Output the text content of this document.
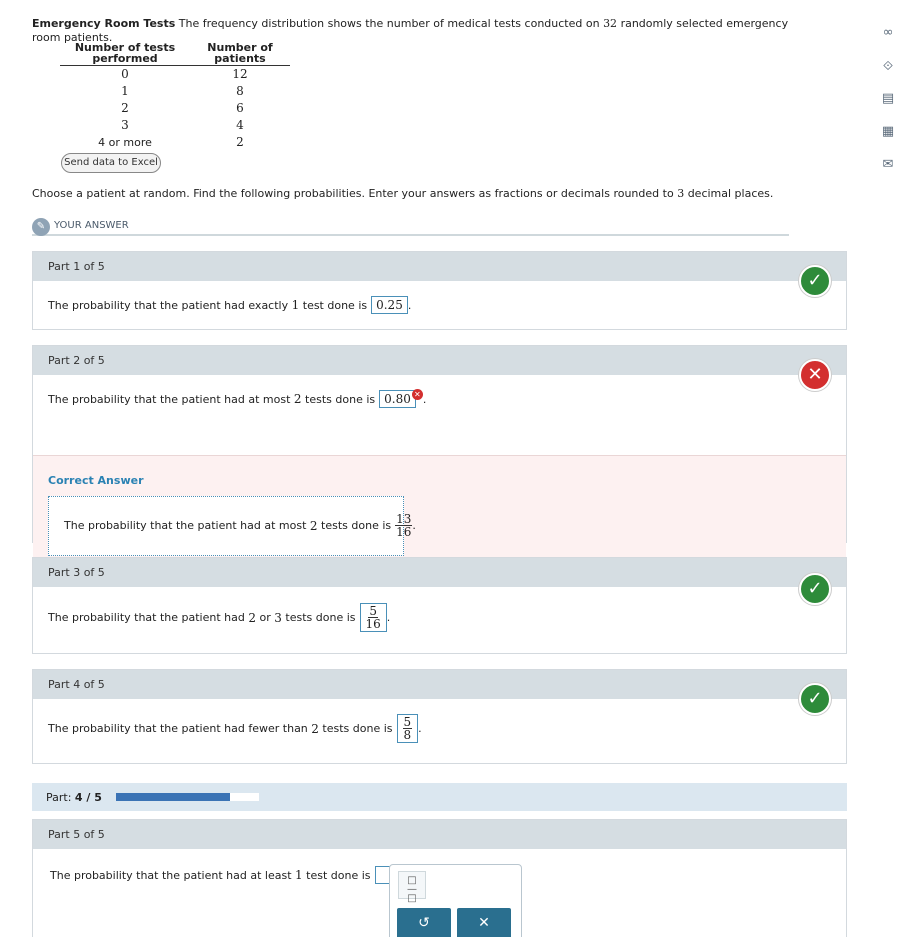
Emergency Room Tests The frequency distribution shows the number of medical tests conducted on 32 randomly selected emergency room patients.
Number of tests performed
Number of patients
0	12
1	8
2	6
3	4
4 or more	2
Send data to Excel
Choose a patient at random. Find the following probabilities. Enter your answers as fractions or decimals rounded to 3 decimal places.
✎ YOUR ANSWER
Part 1 of 5
The probability that the patient had exactly
1
test done is 0.25 .
✓
Part 2 of 5
The probability that the patient had at most
2
tests done is 0.80 ✕ .
Correct Answer
The probability that the patient had at most
2
tests done is $\frac{13}{16}$ .
✕
Part 3 of 5
The probability that the patient had
2
or
3
tests done is $\frac{5}{16}$ .
✓
Part 4 of 5
The probability that the patient had fewer than
2
tests done is $\frac{5}{8}$ .
✓
Part: 4 / 5
Part 5 of 5
The probability that the patient had at least
1
test done is	□
—
□
↺	✕
∞
⟐
▤
▦
✉
